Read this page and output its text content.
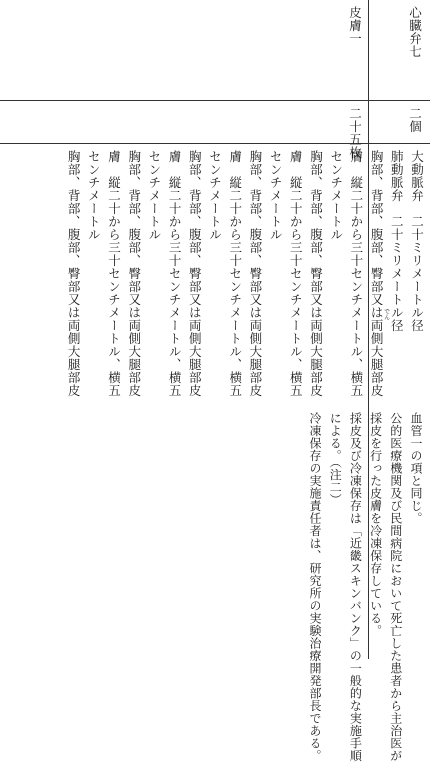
心臓弁七
二個
皮膚一
二十五枚
大動脈弁　二十ミリメートル径
肺動脈弁　二十ミリメートル径
胸部、背部、腹部、臀部又は両側大腿部皮
でん
膚　縦二十から三十センチメートル、横五
センチメートル
胸部、背部、腹部、臀部又は両側大腿部皮
膚　縦二十から三十センチメートル、横五
センチメートル
胸部、背部、腹部、臀部又は両側大腿部皮
膚　縦二十から三十センチメートル、横五
センチメートル
胸部、背部、腹部、臀部又は両側大腿部皮
膚　縦二十から三十センチメートル、横五
センチメートル
胸部、背部、腹部、臀部又は両側大腿部皮
膚　縦二十から三十センチメートル、横五
センチメートル
胸部、背部、腹部、臀部又は両側大腿部皮
血管一の項と同じ。
公的医療機関及び民間病院において死亡した患者から主治医が
採皮を行った皮膚を冷凍保存している。
採皮及び冷凍保存は「近畿スキンバンク」の一般的な実施手順
による。（注二）
冷凍保存の実施責任者は、研究所の実験治療開発部長である。
